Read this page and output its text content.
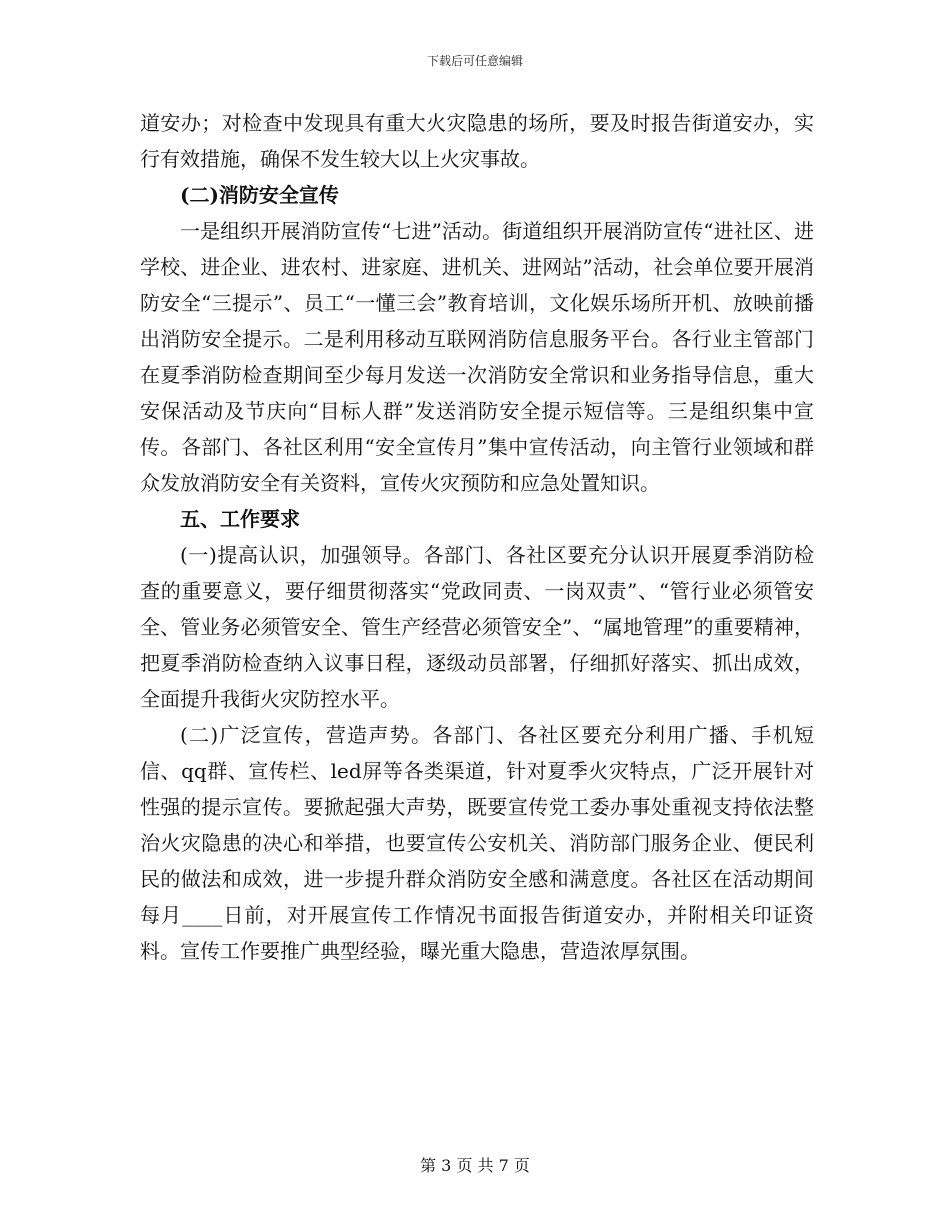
下载后可任意编辑

道安办；对检查中发现具有重大火灾隐患的场所，要及时报告街道安办，实行有效措施，确保不发生较大以上火灾事故。

(二)消防安全宣传

一是组织开展消防宣传“七进”活动。街道组织开展消防宣传“进社区、进学校、进企业、进农村、进家庭、进机关、进网站”活动，社会单位要开展消防安全“三提示”、员工“一懂三会”教育培训，文化娱乐场所开机、放映前播出消防安全提示。二是利用移动互联网消防信息服务平台。各行业主管部门在夏季消防检查期间至少每月发送一次消防安全常识和业务指导信息，重大安保活动及节庆向“目标人群”发送消防安全提示短信等。三是组织集中宣传。各部门、各社区利用“安全宣传月”集中宣传活动，向主管行业领域和群众发放消防安全有关资料，宣传火灾预防和应急处置知识。

五、工作要求

(一)提高认识，加强领导。各部门、各社区要充分认识开展夏季消防检查的重要意义，要仔细贯彻落实“党政同责、一岗双责”、“管行业必须管安全、管业务必须管安全、管生产经营必须管安全”、“属地管理”的重要精神，把夏季消防检查纳入议事日程，逐级动员部署，仔细抓好落实、抓出成效，全面提升我街火灾防控水平。

(二)广泛宣传，营造声势。各部门、各社区要充分利用广播、手机短信、qq群、宣传栏、led屏等各类渠道，针对夏季火灾特点，广泛开展针对性强的提示宣传。要掀起强大声势，既要宣传党工委办事处重视支持依法整治火灾隐患的决心和举措，也要宣传公安机关、消防部门服务企业、便民利民的做法和成效，进一步提升群众消防安全感和满意度。各社区在活动期间每月____日前，对开展宣传工作情况书面报告街道安办，并附相关印证资料。宣传工作要推广典型经验，曝光重大隐患，营造浓厚氛围。

第 3 页 共 7 页
